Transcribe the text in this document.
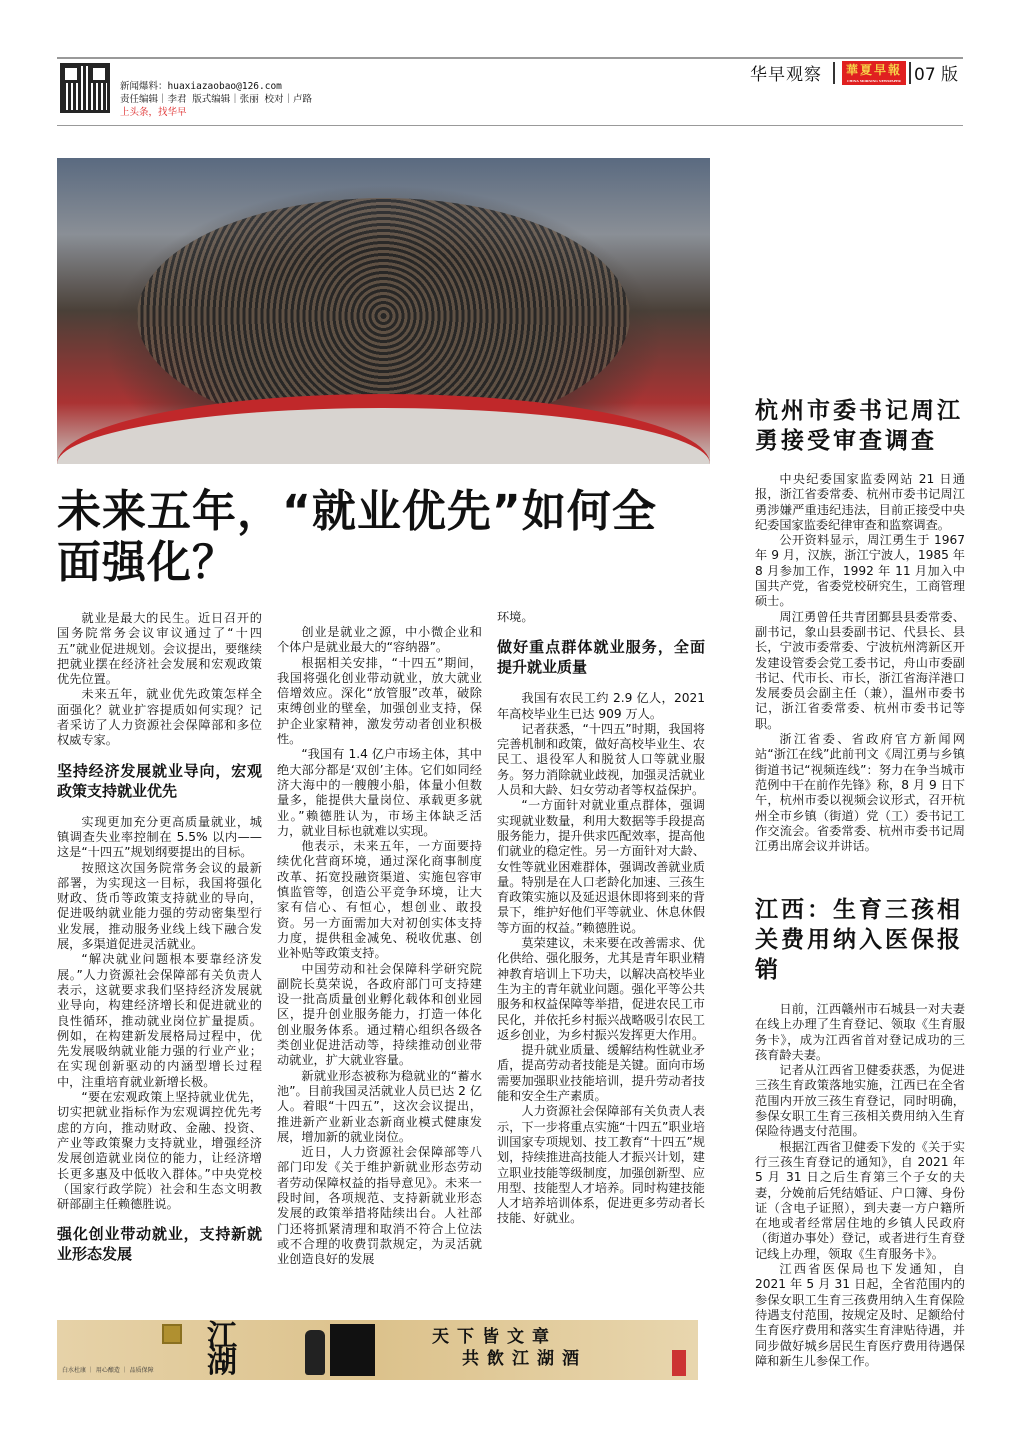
新闻爆料：huaxiazaobao@126.com
责任编辑｜李君 版式编辑｜张丽 校对｜卢路
上头条，找华早
华早观察	華夏早報
CHINA MORNING NEWSPAPER 07 版
未来五年，“就业优先”如何全
面强化？

就业是最大的民生。近日召开的国务院常务会议审议通过了“十四五”就业促进规划。会议提出，要继续把就业摆在经济社会发展和宏观政策优先位置。

未来五年，就业优先政策怎样全面强化？就业扩容提质如何实现？记者采访了人力资源社会保障部和多位权威专家。

坚持经济发展就业导向，宏观政策支持就业优先

实现更加充分更高质量就业，城镇调查失业率控制在 5.5% 以内——这是“十四五”规划纲要提出的目标。

按照这次国务院常务会议的最新部署，为实现这一目标，我国将强化财政、货币等政策支持就业的导向，促进吸纳就业能力强的劳动密集型行业发展，推动服务业线上线下融合发展，多渠道促进灵活就业。

“解决就业问题根本要靠经济发展。”人力资源社会保障部有关负责人表示，这就要求我们坚持经济发展就业导向，构建经济增长和促进就业的良性循环，推动就业岗位扩量提质。例如，在构建新发展格局过程中，优先发展吸纳就业能力强的行业产业；在实现创新驱动的内涵型增长过程中，注重培育就业新增长极。

“要在宏观政策上坚持就业优先，切实把就业指标作为宏观调控优先考虑的方向，推动财政、金融、投资、产业等政策聚力支持就业，增强经济发展创造就业岗位的能力，让经济增长更多惠及中低收入群体。”中央党校（国家行政学院）社会和生态文明教研部副主任赖德胜说。

强化创业带动就业，支持新就业形态发展

创业是就业之源，中小微企业和个体户是就业最大的“容纳器”。

根据相关安排，“十四五”期间，我国将强化创业带动就业，放大就业倍增效应。深化“放管服”改革，破除束缚创业的壁垒，加强创业支持，保护企业家精神，激发劳动者创业积极性。

“我国有 1.4 亿户市场主体，其中绝大部分都是‘双创’主体。它们如同经济大海中的一艘艘小船，体量小但数量多，能提供大量岗位、承载更多就业。”赖德胜认为，市场主体缺乏活力，就业目标也就难以实现。

他表示，未来五年，一方面要持续优化营商环境，通过深化商事制度改革、拓宽投融资渠道、实施包容审慎监管等，创造公平竞争环境，让大家有信心、有恒心，想创业、敢投资。另一方面需加大对初创实体支持力度，提供租金减免、税收优惠、创业补贴等政策支持。

中国劳动和社会保障科学研究院副院长莫荣说，各政府部门可支持建设一批高质量创业孵化载体和创业园区，提升创业服务能力，打造一体化创业服务体系。通过精心组织各级各类创业促进活动等，持续推动创业带动就业，扩大就业容量。

新就业形态被称为稳就业的“蓄水池”。目前我国灵活就业人员已达 2 亿人。着眼“十四五”，这次会议提出，推进新产业新业态新商业模式健康发展，增加新的就业岗位。

近日，人力资源社会保障部等八部门印发《关于维护新就业形态劳动者劳动保障权益的指导意见》。未来一段时间，各项规范、支持新就业形态发展的政策举措将陆续出台。人社部门还将抓紧清理和取消不符合上位法或不合理的收费罚款规定，为灵活就业创造良好的发展

环境。

做好重点群体就业服务，全面提升就业质量

我国有农民工约 2.9 亿人，2021 年高校毕业生已达 909 万人。

记者获悉，“十四五”时期，我国将完善机制和政策，做好高校毕业生、农民工、退役军人和脱贫人口等就业服务。努力消除就业歧视，加强灵活就业人员和大龄、妇女劳动者等权益保护。

“一方面针对就业重点群体，强调实现就业数量，利用大数据等手段提高服务能力，提升供求匹配效率，提高他们就业的稳定性。另一方面针对大龄、女性等就业困难群体，强调改善就业质量。特别是在人口老龄化加速、三孩生育政策实施以及延迟退休即将到来的背景下，维护好他们平等就业、休息休假等方面的权益。”赖德胜说。

莫荣建议，未来要在改善需求、优化供给、强化服务，尤其是青年职业精神教育培训上下功夫，以解决高校毕业生为主的青年就业问题。强化平等公共服务和权益保障等举措，促进农民工市民化，并依托乡村振兴战略吸引农民工返乡创业，为乡村振兴发挥更大作用。

提升就业质量、缓解结构性就业矛盾，提高劳动者技能是关键。面向市场需要加强职业技能培训，提升劳动者技能和安全生产素质。

人力资源社会保障部有关负责人表示，下一步将重点实施“十四五”职业培训国家专项规划、技工教育“十四五”规划，持续推进高技能人才振兴计划，建立职业技能等级制度，加强创新型、应用型、技能型人才培养。同时构建技能人才培养培训体系，促进更多劳动者长技能、好就业。

杭州市委书记周江勇接受审查调查

中央纪委国家监委网站 21 日通报，浙江省委常委、杭州市委书记周江勇涉嫌严重违纪违法，目前正接受中央纪委国家监委纪律审查和监察调查。

公开资料显示，周江勇生于 1967 年 9 月，汉族，浙江宁波人，1985 年 8 月参加工作，1992 年 11 月加入中国共产党，省委党校研究生，工商管理硕士。

周江勇曾任共青团鄞县县委常委、副书记，象山县委副书记、代县长、县长，宁波市委常委、宁波杭州湾新区开发建设管委会党工委书记，舟山市委副书记、代市长、市长，浙江省海洋港口发展委员会副主任（兼），温州市委书记，浙江省委常委、杭州市委书记等职。

浙江省委、省政府官方新闻网站“浙江在线”此前刊文《周江勇与乡镇街道书记“视频连线”：努力在争当城市范例中干在前作先锋》称，8 月 9 日下午，杭州市委以视频会议形式，召开杭州全市乡镇（街道）党（工）委书记工作交流会。省委常委、杭州市委书记周江勇出席会议并讲话。

江西：生育三孩相关费用纳入医保报销

日前，江西赣州市石城县一对夫妻在线上办理了生育登记、领取《生育服务卡》，成为江西省首对登记成功的三孩育龄夫妻。

记者从江西省卫健委获悉，为促进三孩生育政策落地实施，江西已在全省范围内开放三孩生育登记，同时明确，参保女职工生育三孩相关费用纳入生育保险待遇支付范围。

根据江西省卫健委下发的《关于实行三孩生育登记的通知》，自 2021 年 5 月 31 日之后生育第三个子女的夫妻，分娩前后凭结婚证、户口簿、身份证（含电子证照），到夫妻一方户籍所在地或者经常居住地的乡镇人民政府（街道办事处）登记，或者进行生育登记线上办理，领取《生育服务卡》。

江西省医保局也下发通知，自 2021 年 5 月 31 日起，全省范围内的参保女职工生育三孩费用纳入生育保险待遇支付范围，按规定及时、足额给付生育医疗费用和落实生育津贴待遇，并同步做好城乡居民生育医疗费用待遇保障和新生儿参保工作。

江湖
天下皆文章
共飲江湖酒
白水杜康 ｜ 用心酿造 ｜ 品质保障
